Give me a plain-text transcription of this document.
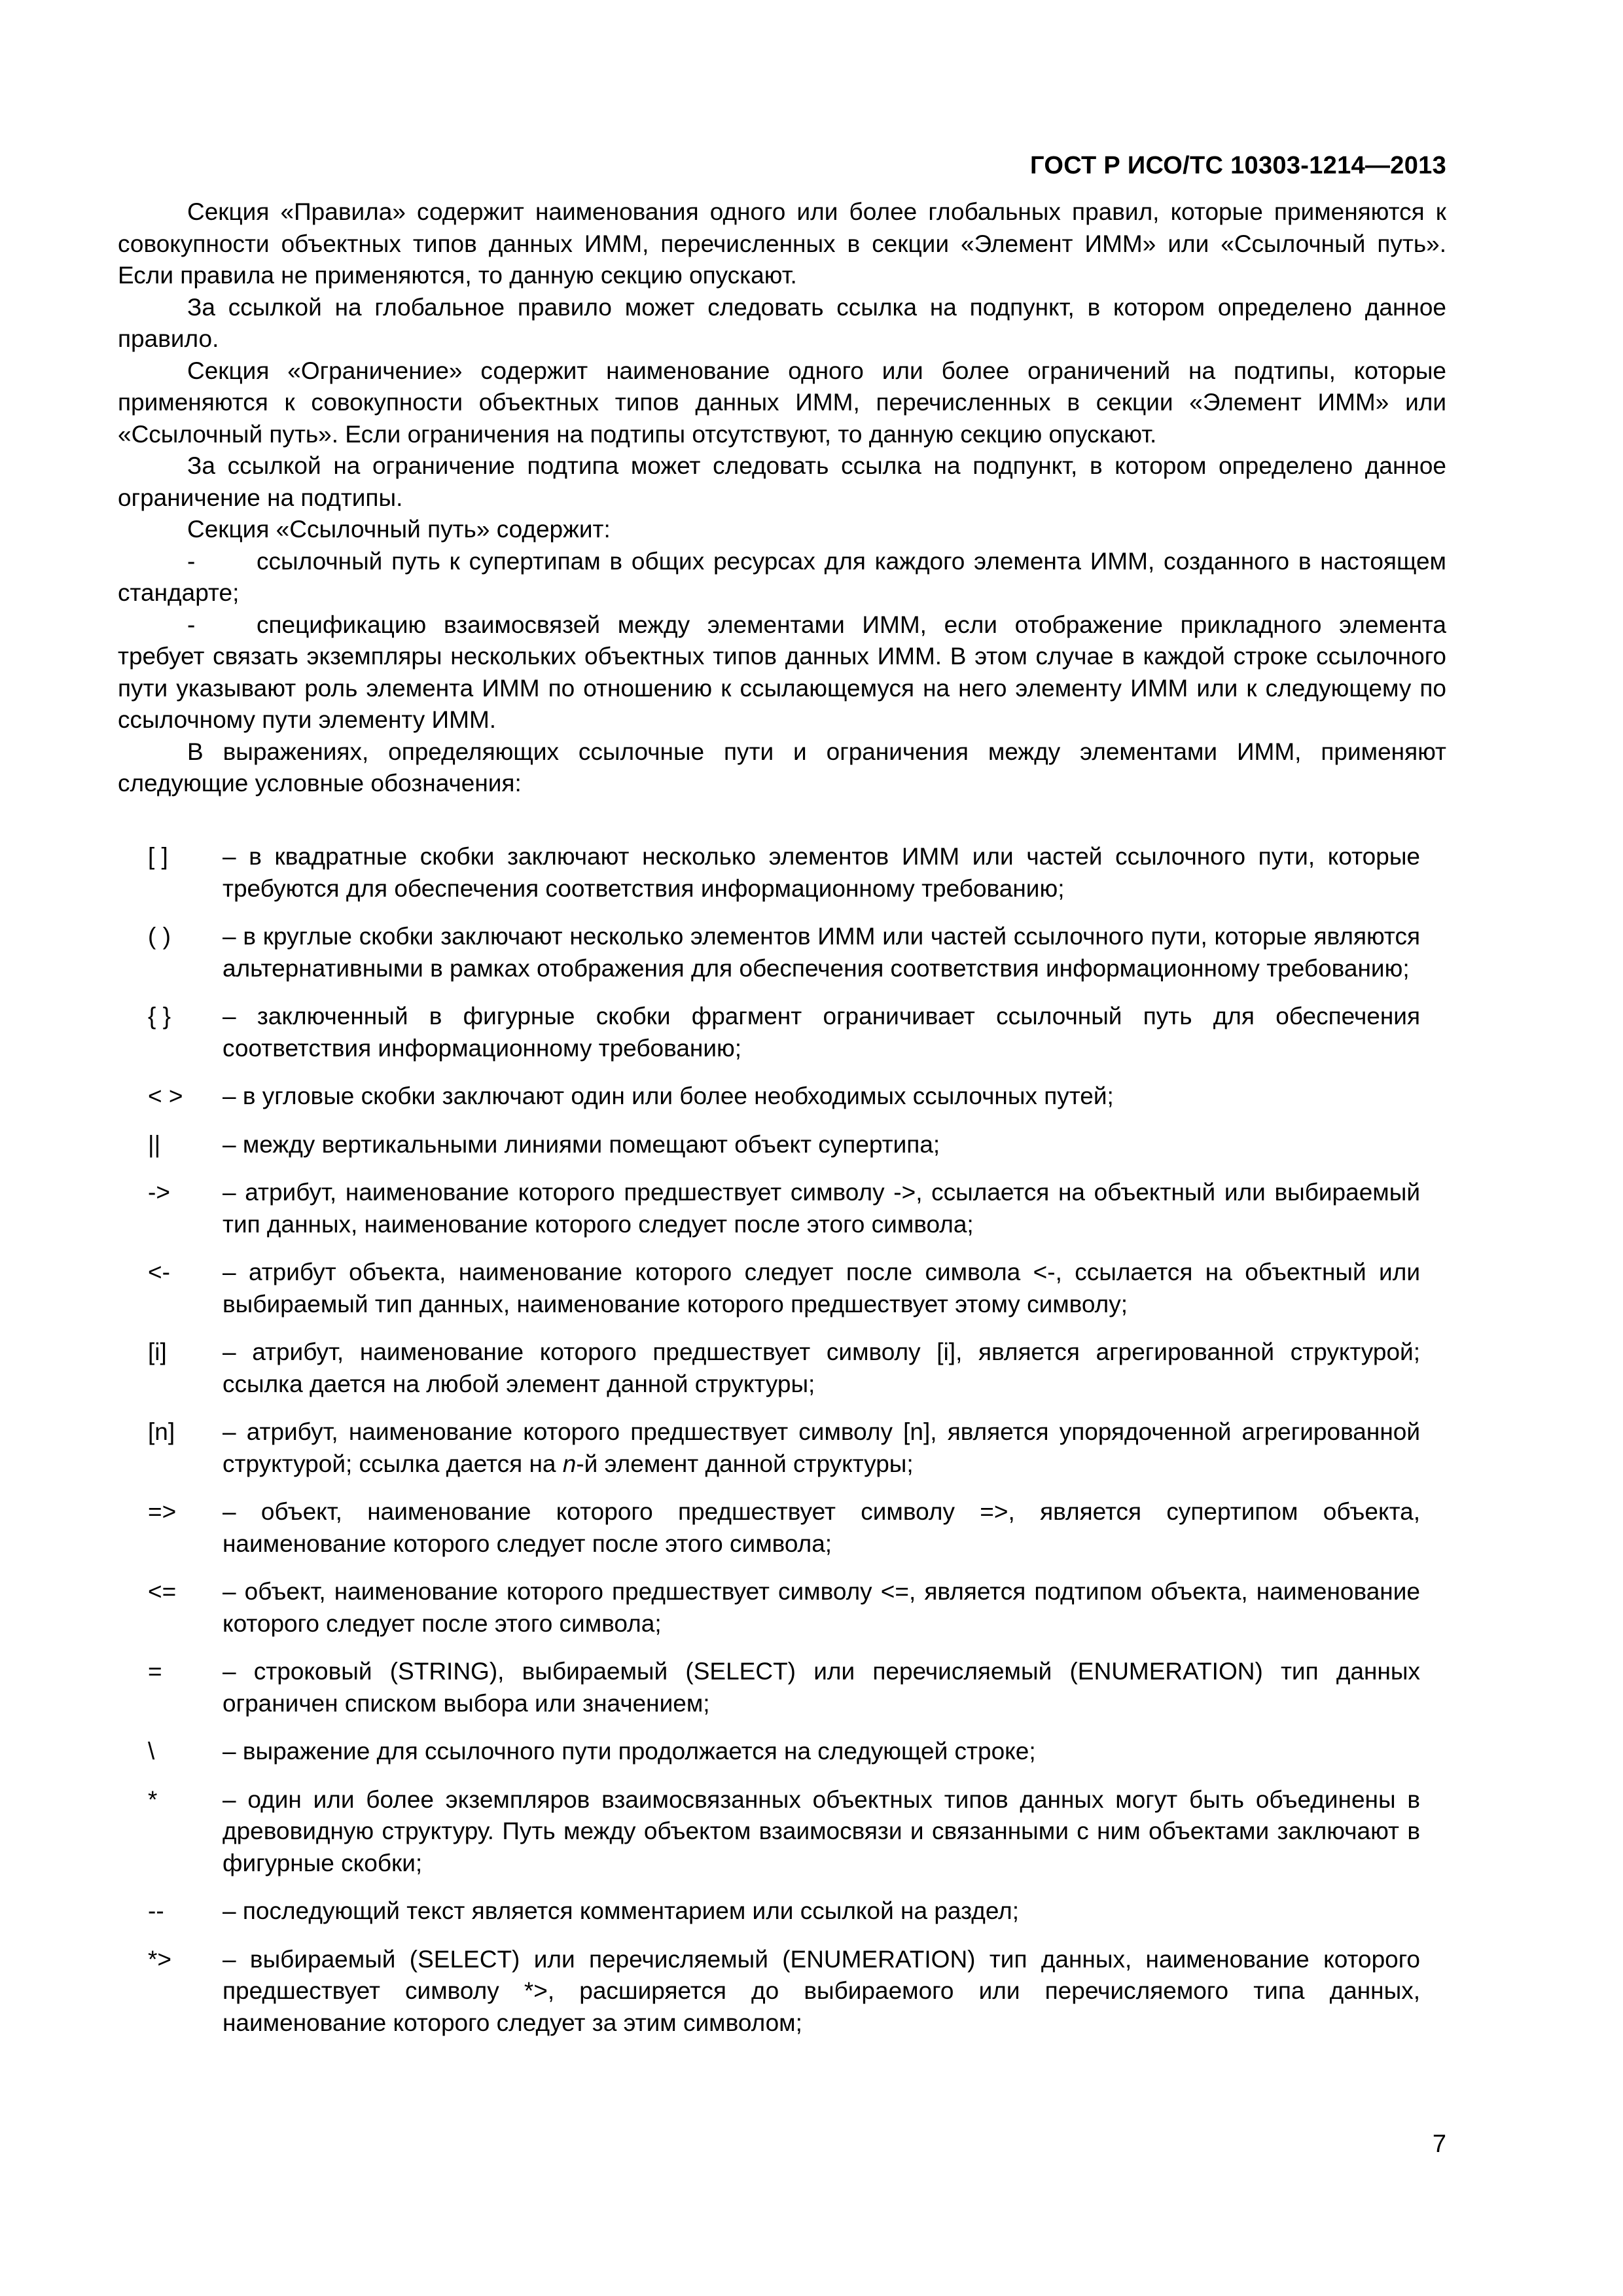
ГОСТ Р ИСО/ТС 10303-1214—2013

Секция «Правила» содержит наименования одного или более глобальных правил, которые применяются к совокупности объектных типов данных ИММ, перечисленных в секции «Элемент ИММ» или «Ссылочный путь». Если правила не применяются, то данную секцию опускают.

За ссылкой на глобальное правило может следовать ссылка на подпункт, в котором определено данное правило.

Секция «Ограничение» содержит наименование одного или более ограничений на подтипы, которые применяются к совокупности объектных типов данных ИММ, перечисленных в секции «Элемент ИММ» или «Ссылочный путь». Если ограничения на подтипы отсутствуют, то данную секцию опускают.

За ссылкой на ограничение подтипа может следовать ссылка на подпункт, в котором определено данное ограничение на подтипы.

Секция «Ссылочный путь» содержит:

-	ссылочный путь к супертипам в общих ресурсах для каждого элемента ИММ, созданного в настоящем стандарте;

-	спецификацию взаимосвязей между элементами ИММ, если отображение прикладного элемента требует связать экземпляры нескольких объектных типов данных ИММ. В этом случае в каждой строке ссылочного пути указывают роль элемента ИММ по отношению к ссылающемуся на него элементу ИММ или к следующему по ссылочному пути элементу ИММ.

В выражениях, определяющих ссылочные пути и ограничения между элементами ИММ, применяют следующие условные обозначения:

[ ]	– в квадратные скобки заключают несколько элементов ИММ или частей ссылочного пути, которые требуются для обеспечения соответствия информационному требованию;
( )	– в круглые скобки заключают несколько элементов ИММ или частей ссылочного пути, которые являются альтернативными в рамках отображения для обеспечения соответствия информационному требованию;
{ }	– заключенный в фигурные скобки фрагмент ограничивает ссылочный путь для обеспечения соответствия информационному требованию;
< >	– в угловые скобки заключают один или более необходимых ссылочных путей;
||	– между вертикальными линиями помещают объект супертипа;
->	– атрибут, наименование которого предшествует символу ->, ссылается на объектный или выбираемый тип данных, наименование которого следует после этого символа;
<-	– атрибут объекта, наименование которого следует после символа <-, ссылается на объектный или выбираемый тип данных, наименование которого предшествует этому символу;
[i]	– атрибут, наименование которого предшествует символу [i], является агрегированной структурой; ссылка дается на любой элемент данной структуры;
[n]	– атрибут, наименование которого предшествует символу [n], является упорядоченной агрегированной структурой; ссылка дается на n-й элемент данной структуры;
=>	– объект, наименование которого предшествует символу =>, является супертипом объекта, наименование которого следует после этого символа;
<=	– объект, наименование которого предшествует символу <=, является подтипом объекта, наименование которого следует после этого символа;
=	– строковый (STRING), выбираемый (SELECT) или перечисляемый (ENUMERATION) тип данных ограничен списком выбора или значением;
\	– выражение для ссылочного пути продолжается на следующей строке;
*	– один или более экземпляров взаимосвязанных объектных типов данных могут быть объединены в древовидную структуру. Путь между объектом взаимосвязи и связанными с ним объектами заключают в фигурные скобки;
--	– последующий текст является комментарием или ссылкой на раздел;
*>	– выбираемый (SELECT) или перечисляемый (ENUMERATION) тип данных, наименование которого предшествует символу *>, расширяется до выбираемого или перечисляемого типа данных, наименование которого следует за этим символом;
7
